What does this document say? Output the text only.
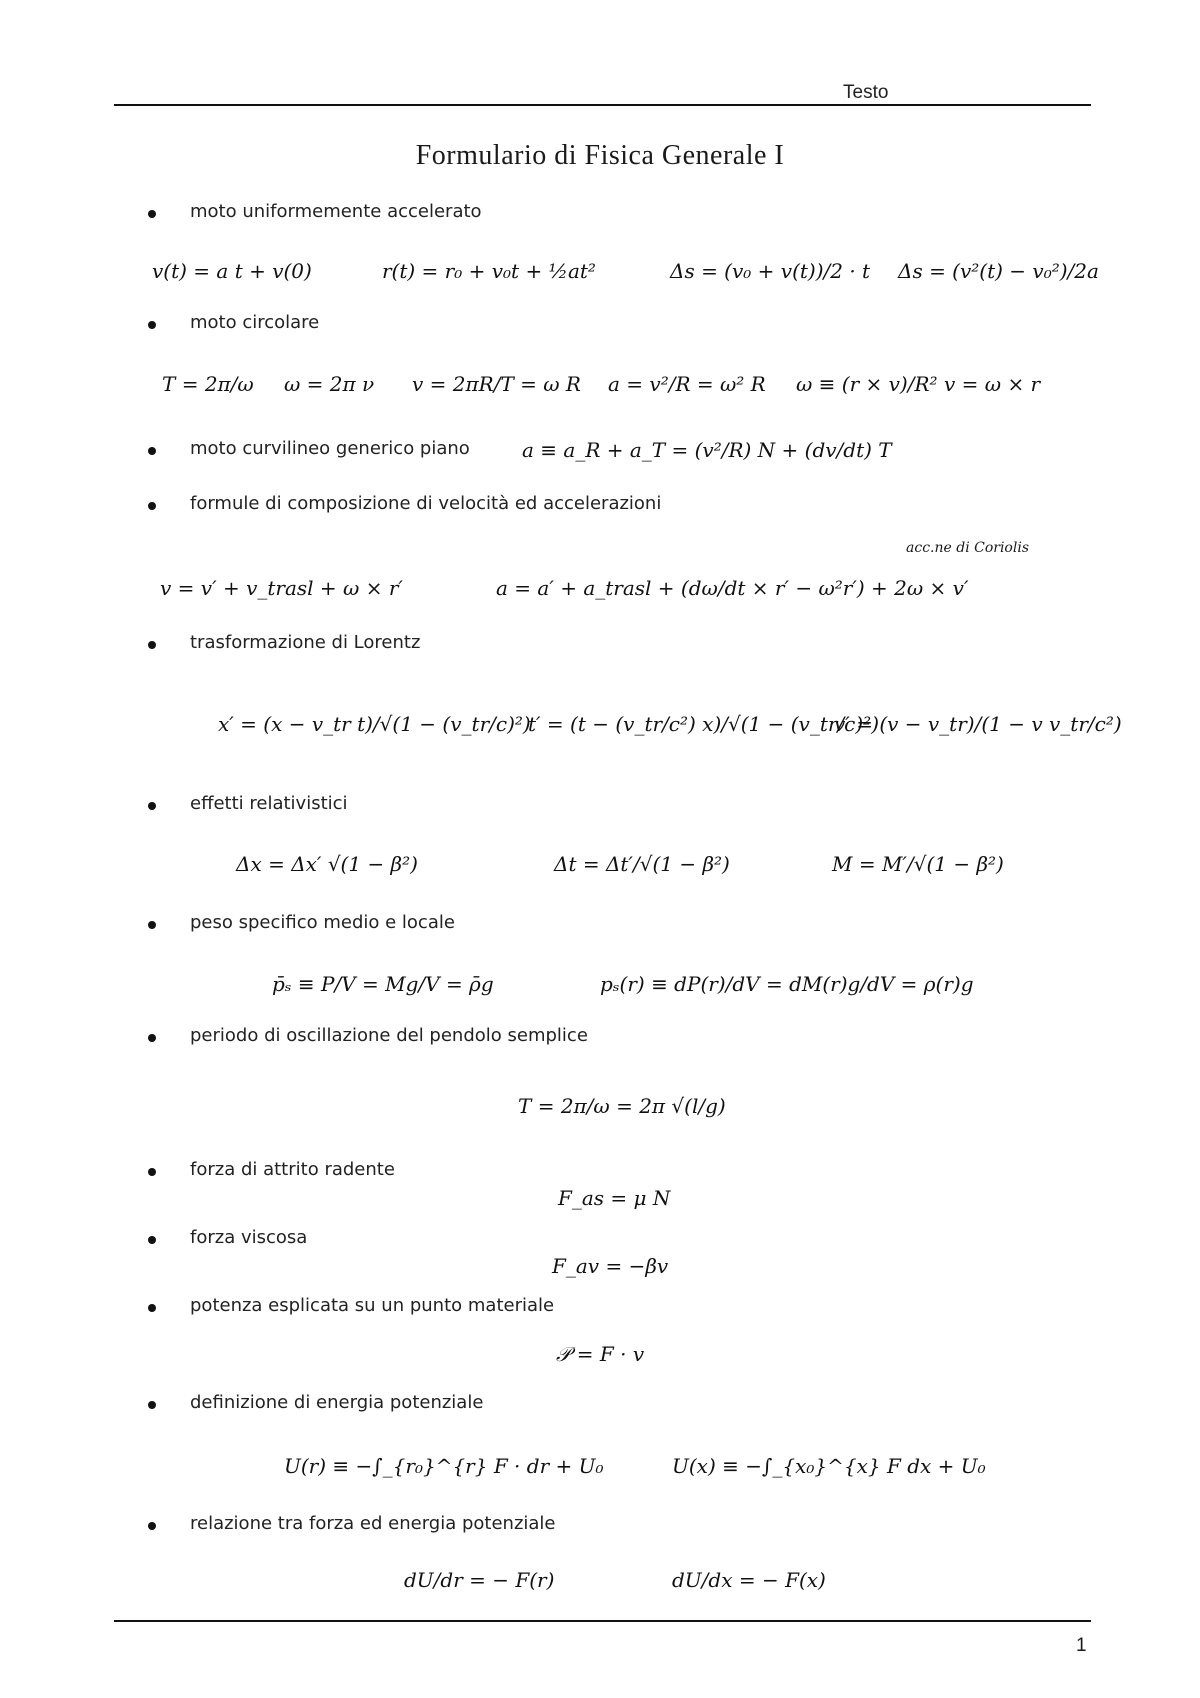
Testo
Formulario di Fisica Generale I
moto uniformemente accelerato
v(t) = a t + v(0)	r(t) = r₀ + v₀t + ½at²	Δs = (v₀ + v(t))/2 · t Δs = (v²(t) − v₀²)/2a
moto circolare
T = 2π/ω ω = 2π ν v = 2πR/T = ω R a = v²/R = ω² R ω ≡ (r × v)/R² v = ω × r
moto curvilineo generico piano	a ≡ a_R + a_T = (v²/R) N + (dv/dt) T
formule di composizione di velocità ed accelerazioni
acc.ne di Coriolis
v = v′ + v_trasl + ω × r′	a = a′ + a_trasl + (dω/dt × r′ − ω²r′) + 2ω × v′
trasformazione di Lorentz
x′ = (x − v_tr t)/√(1 − (v_tr/c)²)
t′ = (t − (v_tr/c²) x)/√(1 − (v_tr/c)²)
v′ = (v − v_tr)/(1 − v v_tr/c²)
effetti relativistici
Δx = Δx′ √(1 − β²)	Δt = Δt′/√(1 − β²)	M = M′/√(1 − β²)
peso specifico medio e locale
p̄ₛ ≡ P/V = Mg/V = ρ̄g	pₛ(r) ≡ dP(r)/dV = dM(r)g/dV = ρ(r)g
periodo di oscillazione del pendolo semplice
T = 2π/ω = 2π √(l/g)
forza di attrito radente
F_as = μ N
forza viscosa
F_av = −βv
potenza esplicata su un punto materiale
𝒫 = F · v
definizione di energia potenziale
U(r) ≡ −∫_{r₀}^{r} F · dr + U₀	U(x) ≡ −∫_{x₀}^{x} F dx + U₀
relazione tra forza ed energia potenziale
dU/dr = − F(r)	dU/dx = − F(x)
1
